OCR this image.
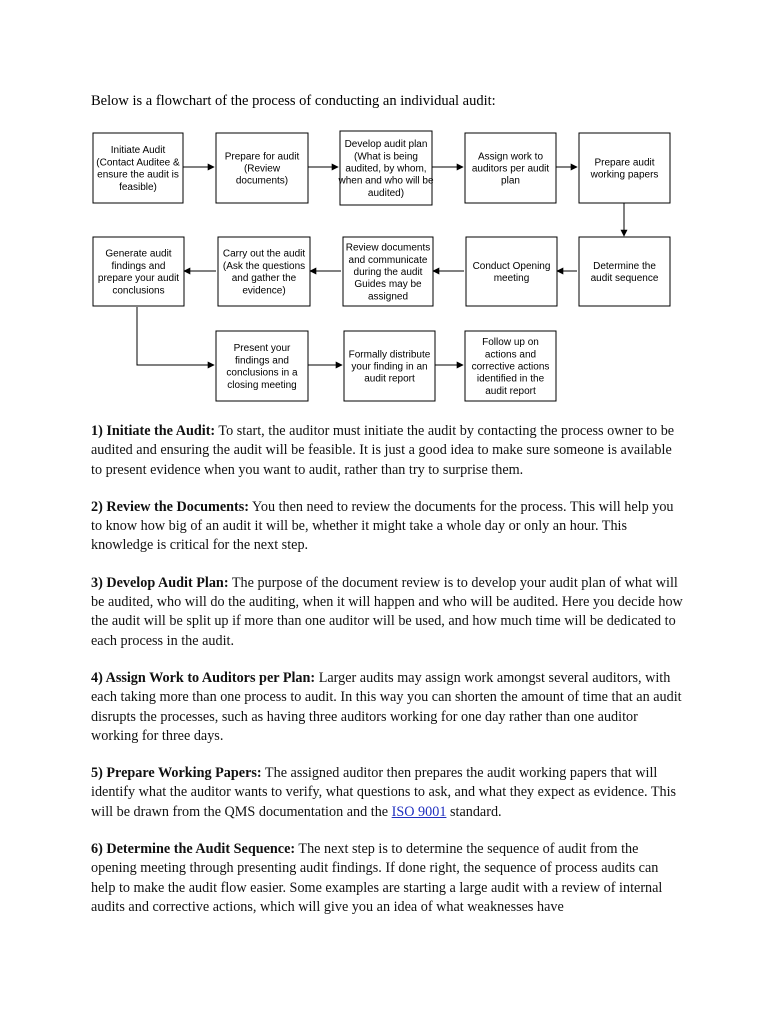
Below is a flowchart of the process of conducting an individual audit:
Initiate Audit
(Contact Auditee &
ensure the audit is
feasible)
Prepare for audit
(Review
documents)
Develop audit plan
(What is being
audited, by whom,
when and who will be
audited)
Assign work to
auditors per audit
plan
Prepare audit
working papers
Determine the
audit sequence
Conduct Opening
meeting
Review documents
and communicate
during the audit
Guides may be
assigned
Carry out the audit
(Ask the questions
and gather the
evidence)
Generate audit
findings and
prepare your audit
conclusions
Present your
findings and
conclusions in a
closing meeting
Formally distribute
your finding in an
audit report
Follow up on
actions and
corrective actions
identified in the
audit report

1) Initiate the Audit: To start, the auditor must initiate the audit by contacting the process owner to be audited and ensuring the audit will be feasible. It is just a good idea to make sure someone is available to present evidence when you want to audit, rather than try to surprise them.

2) Review the Documents: You then need to review the documents for the process. This will help you to know how big of an audit it will be, whether it might take a whole day or only an hour. This knowledge is critical for the next step.

3) Develop Audit Plan: The purpose of the document review is to develop your audit plan of what will be audited, who will do the auditing, when it will happen and who will be audited. Here you decide how the audit will be split up if more than one auditor will be used, and how much time will be dedicated to each process in the audit.

4) Assign Work to Auditors per Plan: Larger audits may assign work amongst several auditors, with each taking more than one process to audit. In this way you can shorten the amount of time that an audit disrupts the processes, such as having three auditors working for one day rather than one auditor working for three days.

5) Prepare Working Papers: The assigned auditor then prepares the audit working papers that will identify what the auditor wants to verify, what questions to ask, and what they expect as evidence. This will be drawn from the QMS documentation and the ISO 9001 standard.

6) Determine the Audit Sequence: The next step is to determine the sequence of audit from the opening meeting through presenting audit findings. If done right, the sequence of process audits can help to make the audit flow easier. Some examples are starting a large audit with a review of internal audits and corrective actions, which will give you an idea of what weaknesses have
